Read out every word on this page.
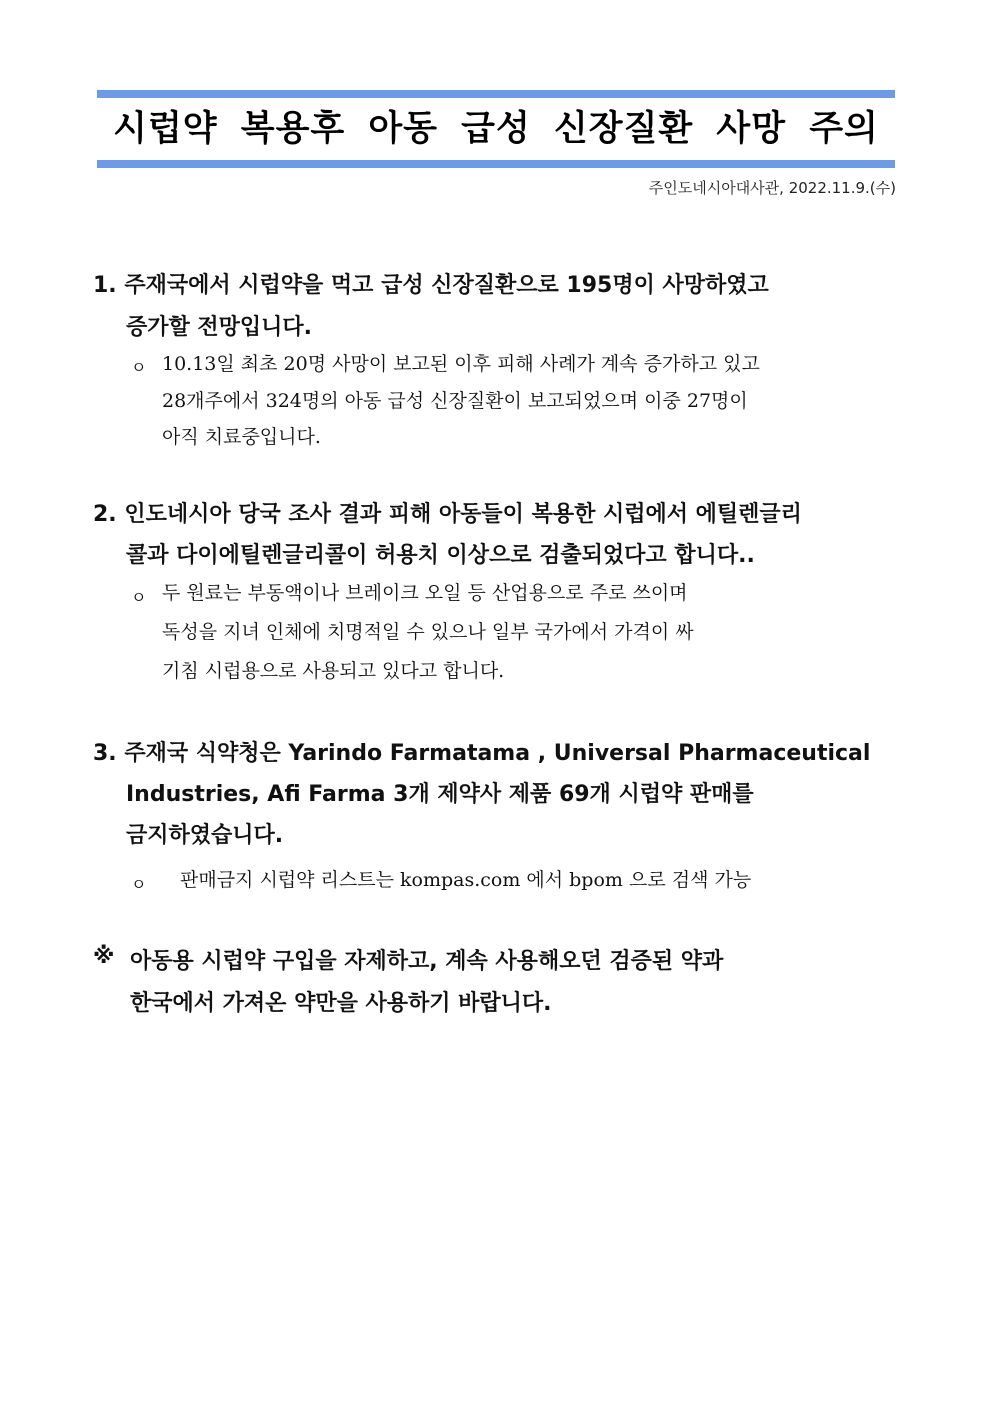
시럽약 복용후 아동 급성 신장질환 사망 주의
주인도네시아대사관, 2022.11.9.(수)
1. 주재국에서 시럽약을 먹고 급성 신장질환으로 195명이 사망하였고
증가할 전망입니다.
ㅇ 10.13일 최초 20명 사망이 보고된 이후 피해 사례가 계속 증가하고 있고
28개주에서 324명의 아동 급성 신장질환이 보고되었으며 이중 27명이
아직 치료중입니다.
2. 인도네시아 당국 조사 결과 피해 아동들이 복용한 시럽에서 에틸렌글리
콜과 다이에틸렌글리콜이 허용치 이상으로 검출되었다고 합니다..
ㅇ 두 원료는 부동액이나 브레이크 오일 등 산업용으로 주로 쓰이며
독성을 지녀 인체에 치명적일 수 있으나 일부 국가에서 가격이 싸
기침 시럽용으로 사용되고 있다고 합니다.
3. 주재국 식약청은 Yarindo Farmatama , Universal Pharmaceutical
Industries, Afi Farma 3개 제약사 제품 69개 시럽약 판매를
금지하였습니다.
ㅇ 판매금지 시럽약 리스트는 kompas.com 에서 bpom 으로 검색 가능
※ 아동용 시럽약 구입을 자제하고, 계속 사용해오던 검증된 약과
한국에서 가져온 약만을 사용하기 바랍니다.
